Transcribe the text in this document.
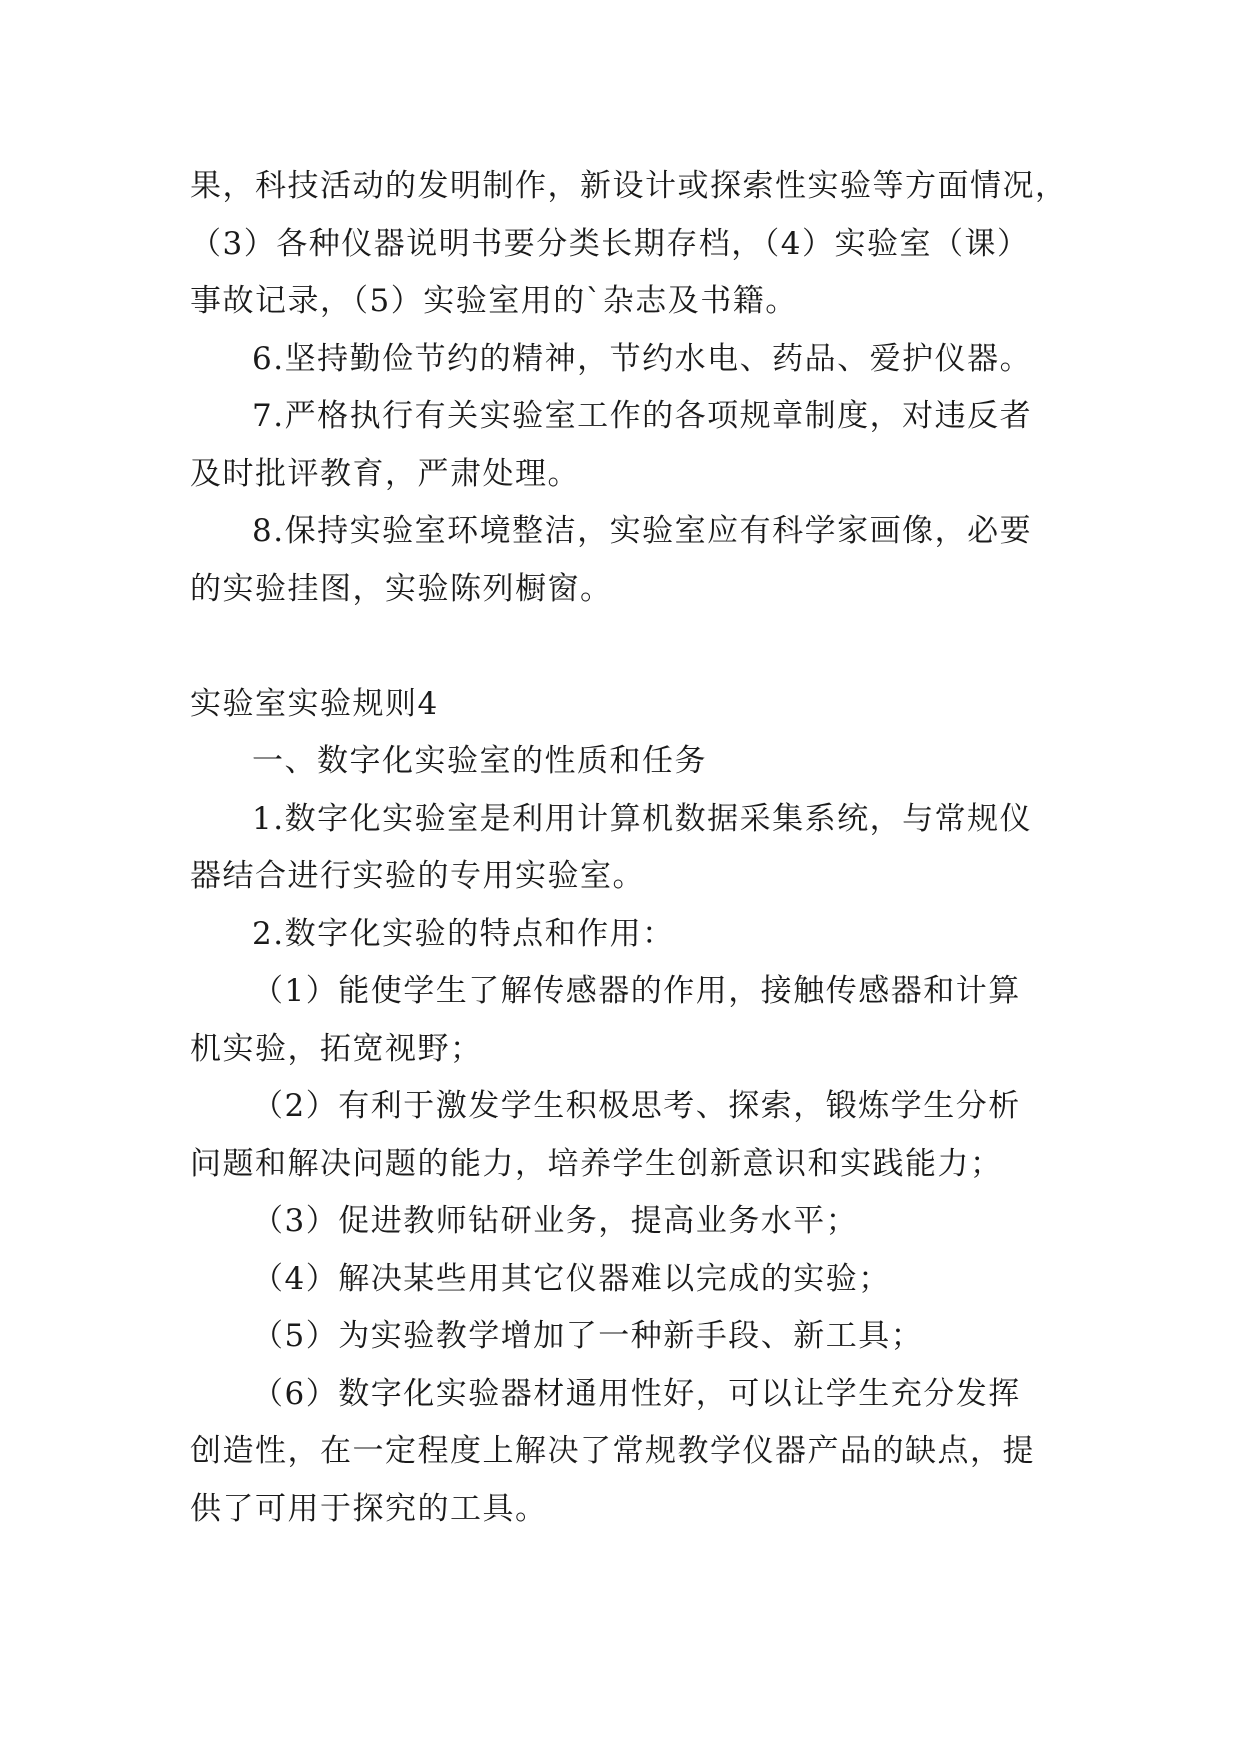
果，科技活动的发明制作，新设计或探索性实验等方面情况，
（3）各种仪器说明书要分类长期存档，（4）实验室（课）
事故记录，（5）实验室用的`杂志及书籍。
6.坚持勤俭节约的精神，节约水电、药品、爱护仪器。
7.严格执行有关实验室工作的各项规章制度，对违反者
及时批评教育，严肃处理。
8.保持实验室环境整洁，实验室应有科学家画像，必要
的实验挂图，实验陈列橱窗。
实验室实验规则4
一、数字化实验室的性质和任务
1.数字化实验室是利用计算机数据采集系统，与常规仪
器结合进行实验的专用实验室。
2.数字化实验的特点和作用：
（1）能使学生了解传感器的作用，接触传感器和计算
机实验，拓宽视野；
（2）有利于激发学生积极思考、探索，锻炼学生分析
问题和解决问题的能力，培养学生创新意识和实践能力；
（3）促进教师钻研业务，提高业务水平；
（4）解决某些用其它仪器难以完成的实验；
（5）为实验教学增加了一种新手段、新工具；
（6）数字化实验器材通用性好，可以让学生充分发挥
创造性，在一定程度上解决了常规教学仪器产品的缺点，提
供了可用于探究的工具。
